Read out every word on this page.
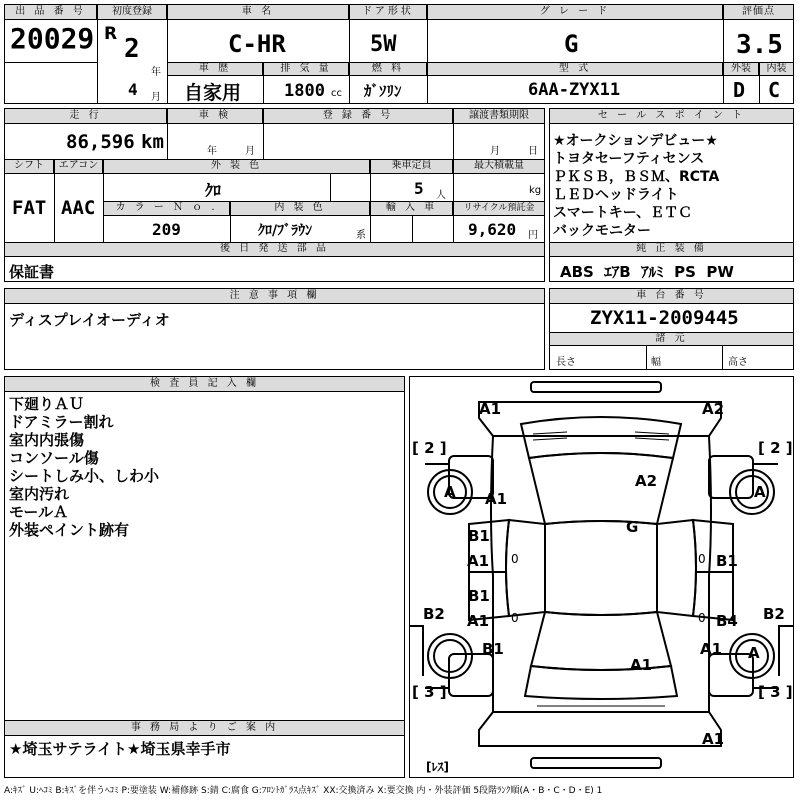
出 品 番 号
20029
初度登録
R 2
年
4 月
車 名
C-HR
ドア形状
5W
グ レ ー ド
G
評価点
3.5
車 歴
自家用
排 気 量
1800 cc
燃 料
ｶﾞｿﾘﾝ
型 式
6AA-ZYX11
外装	内装
D C
走 行
86,596 km
車 検
年	月
登 録 番 号	譲渡書類期限
月	日
シフト
FAT
エアコン
AAC
外 装 色
ｸﾛ
乗車定員
5 人
最大積載量
kg
カ ラ ー Ｎ ｏ .
209
内 装 色
ｸﾛ/ﾌﾞﾗｳﾝ	系
輸 入 車	リサイクル預託金
9,620 円
後 日 発 送 部 品
保証書
セ ー ル ス ポ イ ン ト
★オークションデビュー★
トヨタセーフティセンス
ＰＫＳＢ，ＢＳＭ、RCTA
ＬＥＤヘッドライト
スマートキー、ＥＴＣ
バックモニター
純 正 装 備
ABS  ｴｱB  ｱﾙﾐ  PS  PW
注 意 事 項 欄
ディスプレイオーディオ
車 台 番 号
ZYX11-2009445
諸 元
長さ	幅	高さ
検 査 員 記 入 欄
下廻りＡＵ
ドアミラー割れ
室内内張傷
コンソール傷
シートしみ小、しわ小
室内汚れ
モールＡ
外装ペイント跡有
事 務 局 よ り ご 案 内
★埼玉サテライト★埼玉県幸手市
A1	A2
A A1
A2
A
G
B1
A1	B1
B1
A1
B2
B1
B4 B2
A1 A
A1
A1
[ 2 ]	[ 2 ]
[ 3 ]	[ 3 ]
0	0
0	0
[ﾚｽ]
A:ｷｽﾞ U:ﾍｺﾐ B:ｷｽﾞを伴うﾍｺﾐ P:要塗装 W:補修跡 S:錆 C:腐食 G:ﾌﾛﾝﾄｶﾞﾗｽ点ｷｽﾞ XX:交換済み X:要交換 内・外装評価 5段階ﾗﾝｸ順(A・B・C・D・E) 1
